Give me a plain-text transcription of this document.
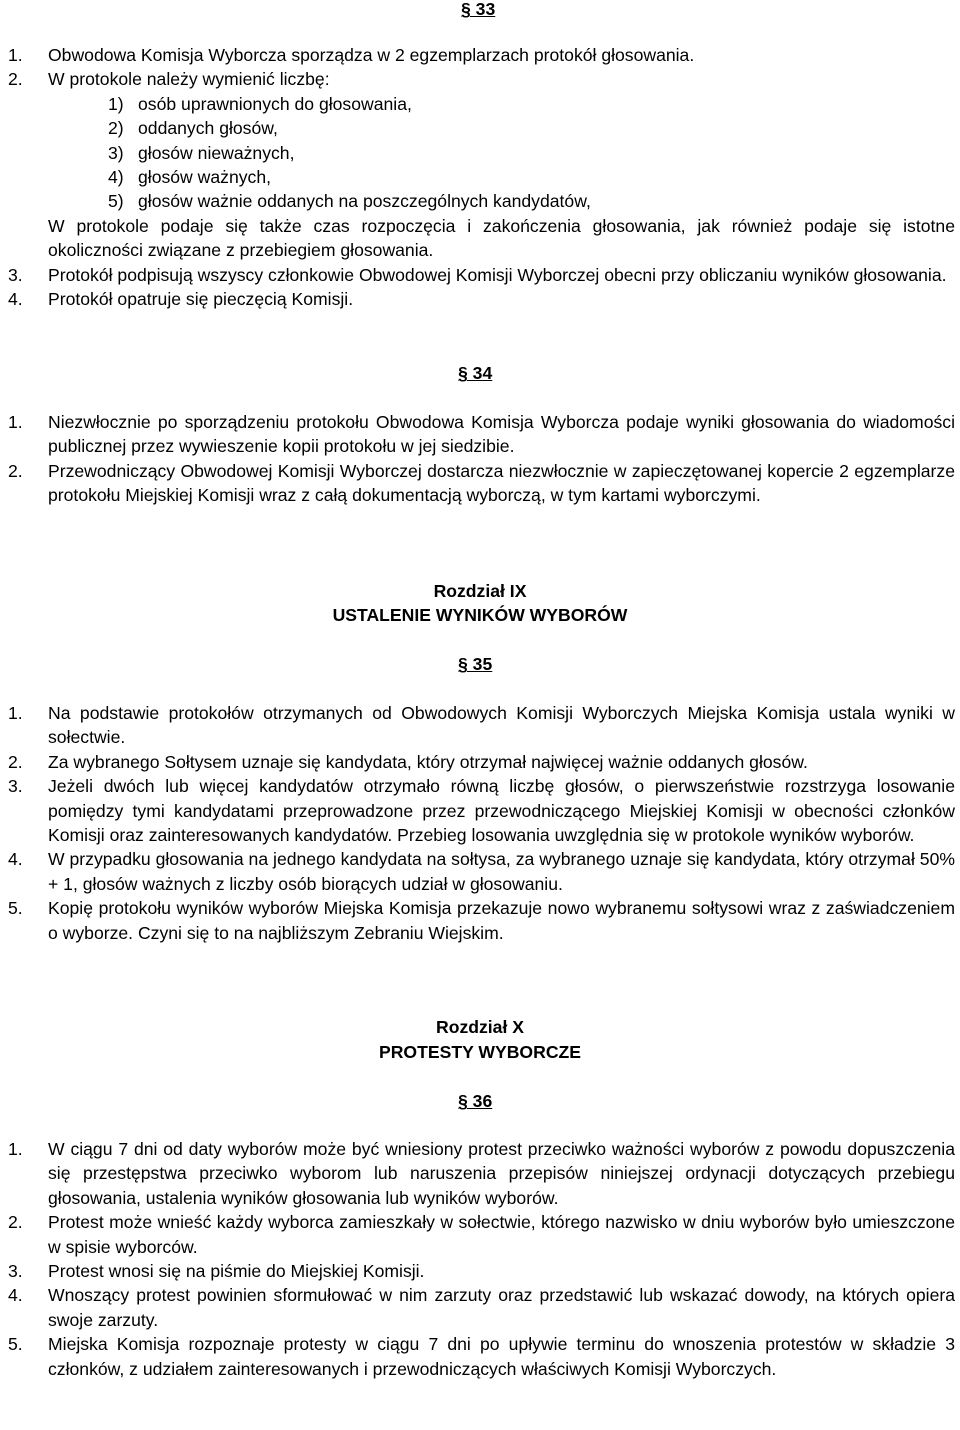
§ 33
1. Obwodowa Komisja Wyborcza sporządza w 2 egzemplarzach protokół głosowania.
2. W protokole należy wymienić liczbę:
1) osób uprawnionych do głosowania,
2) oddanych głosów,
3) głosów nieważnych,
4) głosów ważnych,
5) głosów ważnie oddanych na poszczególnych kandydatów,
W protokole podaje się także czas rozpoczęcia i zakończenia głosowania, jak również podaje się istotne okoliczności związane z przebiegiem głosowania.
3. Protokół podpisują wszyscy członkowie Obwodowej Komisji Wyborczej obecni przy obliczaniu wyników głosowania.
4. Protokół opatruje się pieczęcią Komisji.
§ 34
1. Niezwłocznie po sporządzeniu protokołu Obwodowa Komisja Wyborcza podaje wyniki głosowania do wiadomości publicznej przez wywieszenie kopii protokołu w jej siedzibie.
2. Przewodniczący Obwodowej Komisji Wyborczej dostarcza niezwłocznie w zapieczętowanej kopercie 2 egzemplarze protokołu Miejskiej Komisji wraz z całą dokumentacją wyborczą, w tym kartami wyborczymi.
Rozdział IX
USTALENIE WYNIKÓW WYBORÓW
§ 35
1. Na podstawie protokołów otrzymanych od Obwodowych Komisji Wyborczych Miejska Komisja ustala wyniki w sołectwie.
2. Za wybranego Sołtysem uznaje się kandydata, który otrzymał najwięcej ważnie oddanych głosów.
3. Jeżeli dwóch lub więcej kandydatów otrzymało równą liczbę głosów, o pierwszeństwie rozstrzyga losowanie pomiędzy tymi kandydatami przeprowadzone przez przewodniczącego Miejskiej Komisji w obecności członków Komisji oraz zainteresowanych kandydatów. Przebieg losowania uwzględnia się w protokole wyników wyborów.
4. W przypadku głosowania na jednego kandydata na sołtysa, za wybranego uznaje się kandydata, który otrzymał 50% + 1, głosów ważnych z liczby osób biorących udział w głosowaniu.
5. Kopię protokołu wyników wyborów Miejska Komisja przekazuje nowo wybranemu sołtysowi wraz z zaświadczeniem o wyborze. Czyni się to na najbliższym Zebraniu Wiejskim.
Rozdział X
PROTESTY WYBORCZE
§ 36
1. W ciągu 7 dni od daty wyborów może być wniesiony protest przeciwko ważności wyborów z powodu dopuszczenia się przestępstwa przeciwko wyborom lub naruszenia przepisów niniejszej ordynacji dotyczących przebiegu głosowania, ustalenia wyników głosowania lub wyników wyborów.
2. Protest może wnieść każdy wyborca zamieszkały w sołectwie, którego nazwisko w dniu wyborów było umieszczone w spisie wyborców.
3. Protest wnosi się na piśmie do Miejskiej Komisji.
4. Wnoszący protest powinien sformułować w nim zarzuty oraz przedstawić lub wskazać dowody, na których opiera swoje zarzuty.
5. Miejska Komisja rozpoznaje protesty w ciągu 7 dni po upływie terminu do wnoszenia protestów w składzie 3 członków, z udziałem zainteresowanych i przewodniczących właściwych Komisji Wyborczych.
